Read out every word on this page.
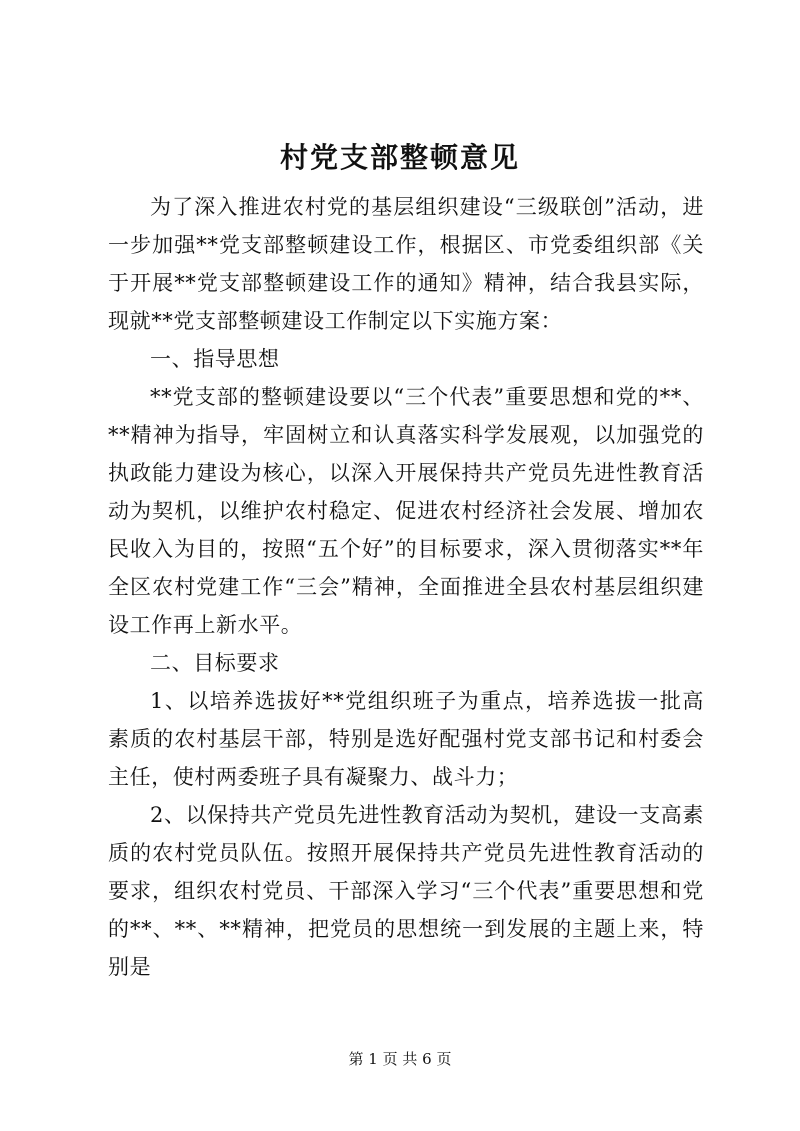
村党支部整顿意见

为了深入推进农村党的基层组织建设“三级联创”活动，进一步加强**党支部整顿建设工作，根据区、市党委组织部《关于开展**党支部整顿建设工作的通知》精神，结合我县实际，现就**党支部整顿建设工作制定以下实施方案：

一、指导思想

**党支部的整顿建设要以“三个代表”重要思想和党的**、**精神为指导，牢固树立和认真落实科学发展观，以加强党的执政能力建设为核心，以深入开展保持共产党员先进性教育活动为契机，以维护农村稳定、促进农村经济社会发展、增加农民收入为目的，按照“五个好”的目标要求，深入贯彻落实**年全区农村党建工作“三会”精神，全面推进全县农村基层组织建设工作再上新水平。

二、目标要求

1、以培养选拔好**党组织班子为重点，培养选拔一批高素质的农村基层干部，特别是选好配强村党支部书记和村委会主任，使村两委班子具有凝聚力、战斗力；

2、以保持共产党员先进性教育活动为契机，建设一支高素质的农村党员队伍。按照开展保持共产党员先进性教育活动的要求，组织农村党员、干部深入学习“三个代表”重要思想和党的**、**、**精神，把党员的思想统一到发展的主题上来，特别是

第 1 页 共 6 页
